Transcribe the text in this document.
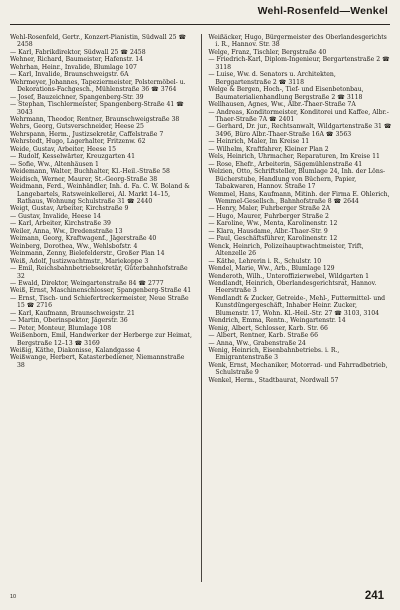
Wehl-Rosenfeld—Wenkel
Wehl-Rosenfeld, Gertr., Konzert-Pianistin, Südwall 25 ☎ 2458
— Karl, Fabrikdirektor, Südwall 25 ☎ 2458
Wehner, Richard, Baumeister, Hafenstr. 14
Wehrhan, Heinr., Invalide, Blumlage 107
— Karl, Invalide, Braunschweigstr. 6A
Wehrmeyer, Johannes, Tapeziermeister, Polstermöbel- u. Dekorations-Fachgesch., Mühlenstraße 36 ☎ 3764
— Josef, Bauzeichner, Spangenberg-Str. 39
— Stephan, Tischlermeister, Spangenberg-Straße 41 ☎ 3043
Wehrmann, Theodor, Rentner, Braunschweigstraße 38
Wehrs, Georg, Gutsverschneider, Heese 25
Wehrspann, Herm., Justizsekretär, Caffelstraße 7
Wehrstedt, Hugo, Lagerhalter, Fritzenw. 62
Weide, Gustav, Arbeiter, Heese 15
— Rudolf, Kesselwärter, Kreuzgarten 41
— Sofie, Ww., Altenhäusen 1
Weidemann, Walter, Buchhalter, Kl.-Heil.-Straße 58
Weidisch, Werner, Maurer, St.-Georg-Straße 38
Weidmann, Ferd., Weinhändler, Inh. d. Fa. C. W. Boland & Langebartels, Ratsweinkellerei, Al. Markt 14–15, Rathaus, Wohnung Schulstraße 31 ☎ 2440
Weigt, Gustav, Arbeiter, Kirchstraße 9
— Gustav, Invalide, Heese 14
— Karl, Arbeiter, Kirchstraße 39
Weiler, Anna, Ww., Dredenstraße 13
Weimann, Georg, Kraftwagenf., Jägerstraße 40
Weinberg, Dorothea, Ww., Wehlsbofstr. 4
Weinmann, Zenny, Bielefelderstr., Großer Plan 14
Weiß, Adolf, Justizwachtmstr., Mariekoppe 3
— Emil, Reichsbahnbetriebsekretär, Güterbahnhofstraße 32
— Ewald, Direktor, Weingartenstraße 84 ☎ 2777
Weiß, Ernst, Maschinenschlosser, Spangenberg-Straße 41
— Ernst, Tisch- und Schiefertreckermeister, Neue Straße 15 ☎ 2716
— Karl, Kaufmann, Braunschweigstr. 21
— Martin, Oberinspektor, Jägerstr. 36
— Peter, Monteur, Blumlage 108
Weißenborn, Emil, Handwerker der Herberge zur Heimat, Bergstraße 12–13 ☎ 3169
Weißig, Käthe, Diakonisse, Kalandgasse 4
Weißwange, Herbert, Katasterbediener, Niemannstraße 38
Weißäcker, Hugo, Bürgermeister des Oberlandesgerichts i. R., Hannov. Str. 38
Welge, Franz, Tischler, Bergstraße 40
— Friedrich-Karl, Diplom-Ingenieur, Bergartenstraße 2 ☎ 3118
— Luise, Ww. d. Senators u. Architekten, Berggartenstraße 2 ☎ 3118
Welge & Bergen, Hoch-, Tief- und Eisenbetonbau, Baumaterialienhandlung Bergstraße 2 ☎ 3118
Wellhausen, Agnes, Ww., Albr.-Thaer-Straße 7A
— Andreas, Konditormeister, Konditorei und Kaffee, Albr.-Thaer-Straße 7A ☎ 2401
— Gerhard, Dr. jur., Rechtsanwalt, Wildgartenstraße 31 ☎ 3496, Büro Albr.-Thaer-Straße 16A ☎ 3563
— Heinrich, Maler, Im Kreise 11
— Wilhelm, Kraftfahrer, Kleiner Plan 2
Wels, Heinrich, Uhrmacher, Reparaturen, Im Kreise 11
— Rose, Ehefr., Arbeiterin, Sägemühlenstraße 41
Welzien, Otto, Schriftsteller, Blumlage 24, Inh. der Löns-Bücherstube, Handlung von Büchern, Papier, Tabakwaren, Hannov. Straße 17
Wemmel, Hans, Kaufmann, Mitinh. der Firma E. Ohlerich, Wemmel-Gesellsch., Bahnhofstraße 8 ☎ 2644
— Henry, Maler, Fuhrberger Straße 2A
— Hugo, Maurer, Fuhrberger Straße 2
— Karoline, Ww., Menta, Karolinenstr. 12
— Klara, Hausdame, Albr.-Thaer-Str. 9
— Paul, Geschäftsführer, Karolinenstr. 12
Wenck, Heinrich, Polizeihauptwachtmeister, Trift, Altenzelle 26
— Käthe, Lehrerin i. R., Schulstr. 10
Wendel, Marie, Ww., Arb., Blumlage 129
Wenderoth, Wilh., Unteroffizierwebel, Wildgarten 1
Wendlandt, Heinrich, Oberlandesgerichtsrat, Hannov. Heerstraße 3
Wendlandt & Zucker, Getreide-, Mehl-, Futtermittel- und Kunstdüngergeschäft, Inhaber Heinr. Zucker, Blumenstr. 17, Wohn. Kl.-Heil.-Str. 27 ☎ 3103, 3104
Wendrich, Emma, Rentn., Weingartenstr. 14
Wenig, Albert, Schlosser, Karb. Str. 66
— Albert, Rentner, Karb. Straße 66
— Anna, Ww., Grabenstraße 24
Wenig, Heinrich, Eisenbahnbetriebs. i. R., Emigrantenstraße 3
Wenk, Ernst, Mechaniker, Motorrad- und Fahrradbetrieb, Schulstraße 9
Wenkel, Herm., Stadtbaurat, Nordwall 57
10	241
